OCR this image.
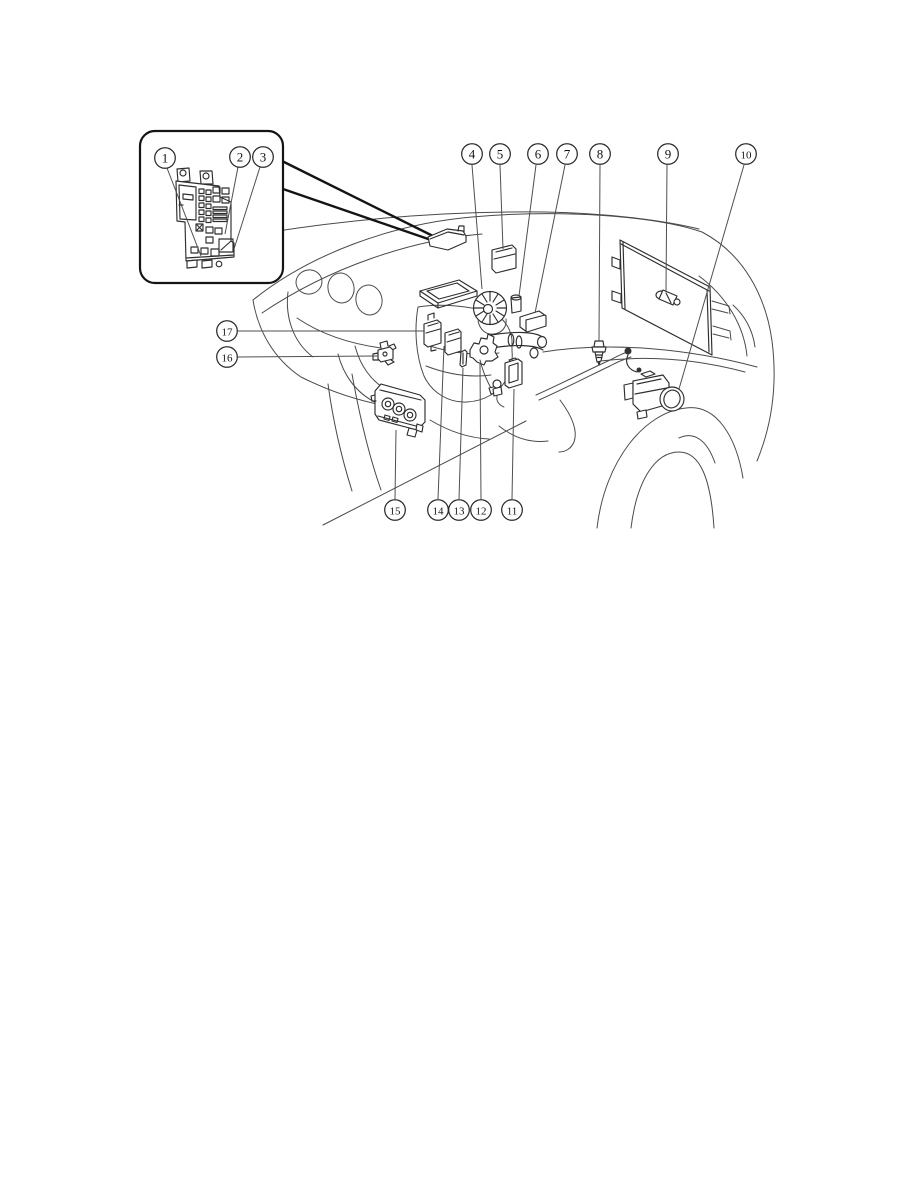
1	2 3	4 5 6 7 8	9	10
11
12
13
14
15
16
17
